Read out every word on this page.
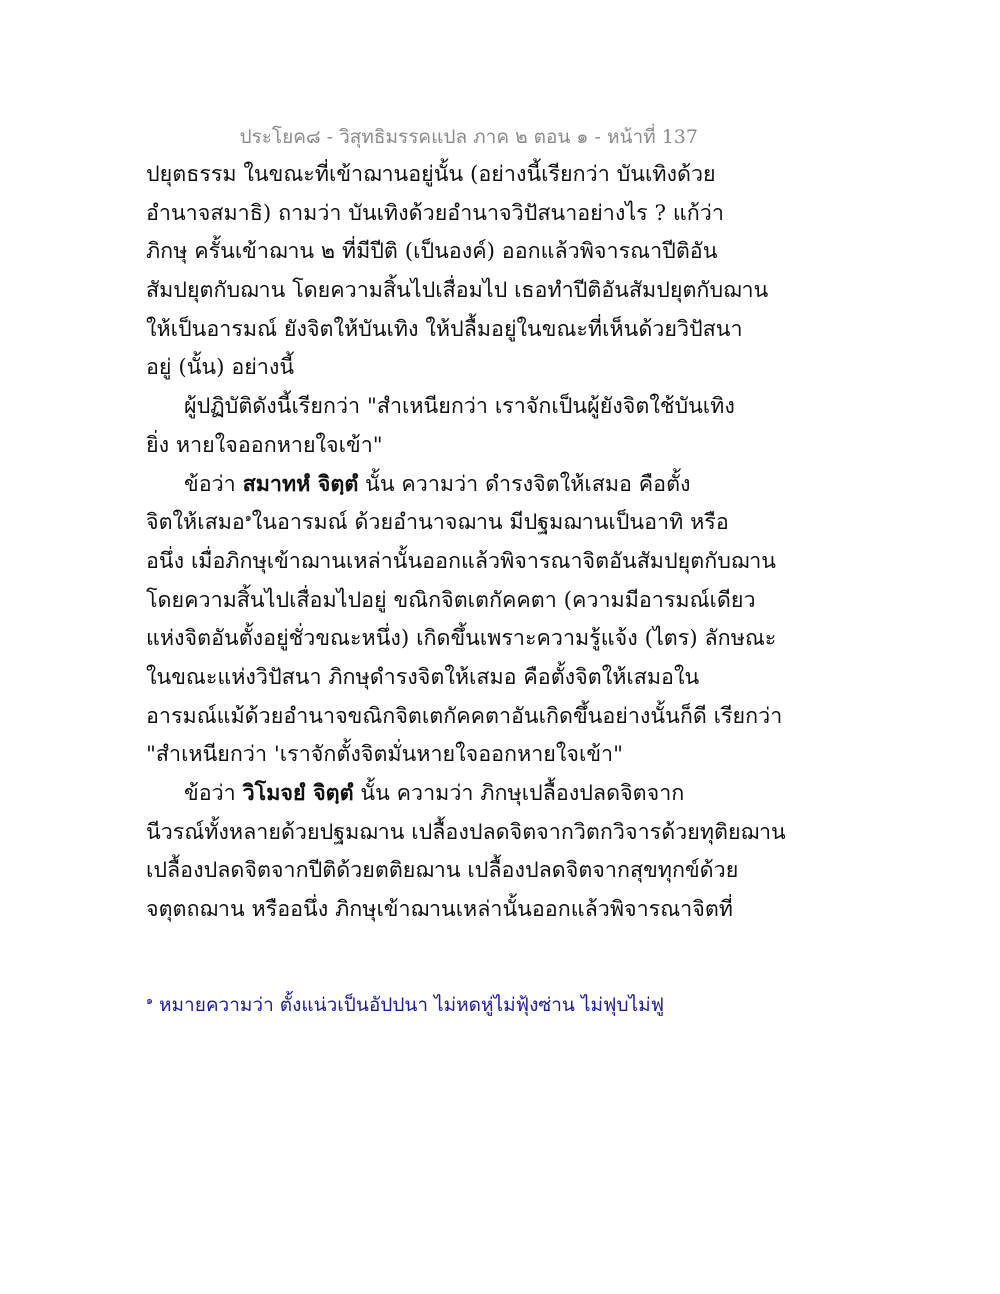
ประโยค๘ - วิสุทธิมรรคแปล ภาค ๒ ตอน ๑ - หน้าที่ 137
ปยุตธรรม ในขณะที่เข้าฌานอยู่นั้น (อย่างนี้เรียกว่า บันเทิงด้วย
อำนาจสมาธิ) ถามว่า บันเทิงด้วยอำนาจวิปัสนาอย่างไร ? แก้ว่า
ภิกษุ ครั้นเข้าฌาน ๒ ที่มีปีติ (เป็นองค์) ออกแล้วพิจารณาปีติอัน
สัมปยุตกับฌาน โดยความสิ้นไปเสื่อมไป เธอทำปีติอันสัมปยุตกับฌาน
ให้เป็นอารมณ์ ยังจิตให้บันเทิง ให้ปลื้มอยู่ในขณะที่เห็นด้วยวิปัสนา
อยู่ (นั้น) อย่างนี้
ผู้ปฏิบัติดังนี้เรียกว่า "สำเหนียกว่า เราจักเป็นผู้ยังจิตใช้บันเทิง
ยิ่ง หายใจออกหายใจเข้า"
ข้อว่า สมาทหํ จิตฺตํ นั้น ความว่า ดำรงจิตให้เสมอ คือตั้ง
จิตให้เสมอ$^๑$ในอารมณ์ ด้วยอำนาจฌาน มีปฐมฌานเป็นอาทิ หรือ
อนึ่ง เมื่อภิกษุเข้าฌานเหล่านั้นออกแล้วพิจารณาจิตอันสัมปยุตกับฌาน
โดยความสิ้นไปเสื่อมไปอยู่ ขณิกจิตเตกัคคตา (ความมีอารมณ์เดียว
แห่งจิตอันตั้งอยู่ชั่วขณะหนึ่ง) เกิดขึ้นเพราะความรู้แจ้ง (ไตร) ลักษณะ
ในขณะแห่งวิปัสนา ภิกษุดำรงจิตให้เสมอ คือตั้งจิตให้เสมอใน
อารมณ์แม้ด้วยอำนาจขณิกจิตเตกัคคตาอันเกิดขึ้นอย่างนั้นก็ดี เรียกว่า
"สำเหนียกว่า 'เราจักตั้งจิตมั่นหายใจออกหายใจเข้า"
ข้อว่า วิโมจยํ จิตฺตํ นั้น ความว่า ภิกษุเปลื้องปลดจิตจาก
นีวรณ์ทั้งหลายด้วยปฐมฌาน เปลื้องปลดจิตจากวิตกวิจารด้วยทุติยฌาน
เปลื้องปลดจิตจากปีติด้วยตติยฌาน เปลื้องปลดจิตจากสุขทุกข์ด้วย
จตุตถฌาน หรืออนึ่ง ภิกษุเข้าฌานเหล่านั้นออกแล้วพิจารณาจิตที่
$^๑$ หมายความว่า ตั้งแน่วเป็นอัปปนา ไม่หดหู่ไม่ฟุ้งซ่าน ไม่ฟุบไม่ฟู
